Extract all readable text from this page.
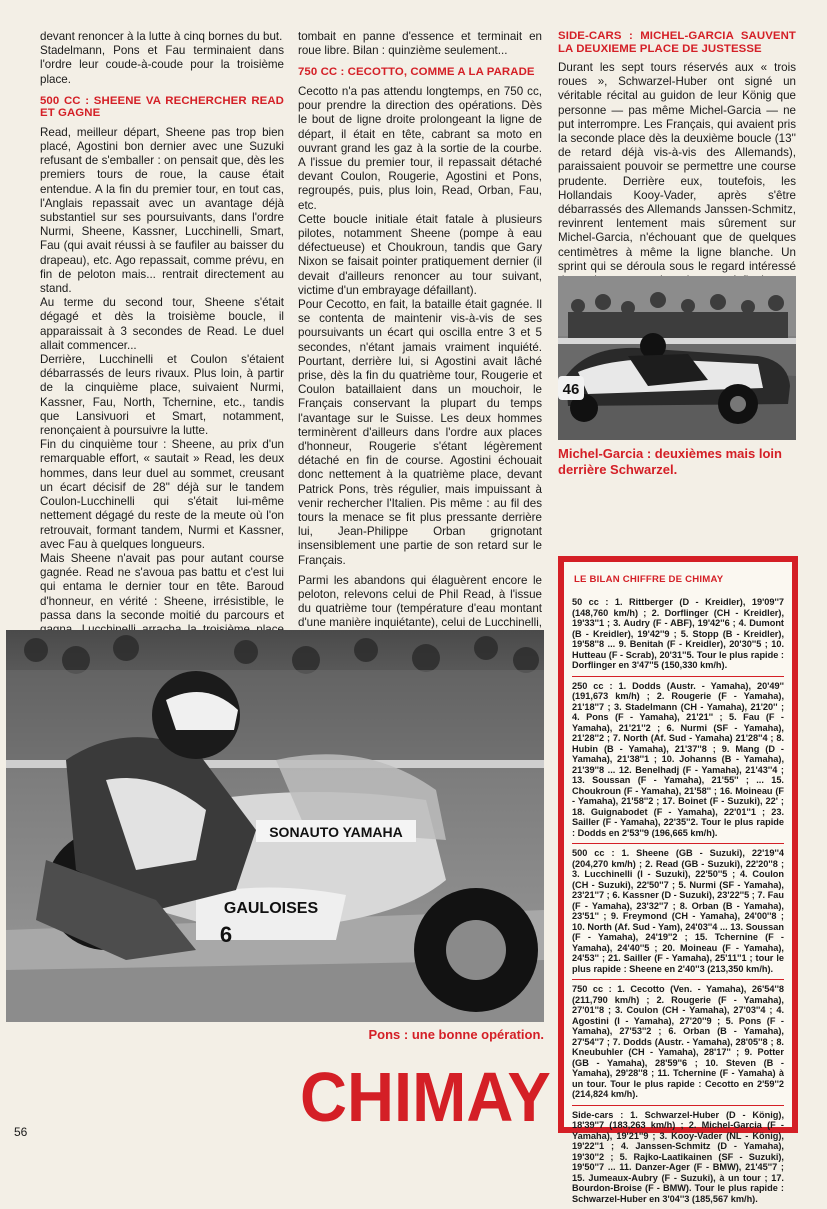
devant renoncer à la lutte à cinq bornes du but.

Stadelmann, Pons et Fau terminaient dans l'ordre leur coude-à-coude pour la troisième place.

500 CC : SHEENE VA RECHERCHER READ ET GAGNE

Read, meilleur départ, Sheene pas trop bien placé, Agostini bon dernier avec une Suzuki refusant de s'emballer : on pensait que, dès les premiers tours de roue, la cause était entendue. A la fin du premier tour, en tout cas, l'Anglais repassait avec un avantage déjà substantiel sur ses poursuivants, dans l'ordre Nurmi, Sheene, Kassner, Lucchinelli, Smart, Fau (qui avait réussi à se faufiler au baisser du drapeau), etc. Ago repassait, comme prévu, en fin de peloton mais... rentrait directement au stand.

Au terme du second tour, Sheene s'était dégagé et dès la troisième boucle, il apparaissait à 3 secondes de Read. Le duel allait commencer...

Derrière, Lucchinelli et Coulon s'étaient débarrassés de leurs rivaux. Plus loin, à partir de la cinquième place, suivaient Nurmi, Kassner, Fau, North, Tchernine, etc., tandis que Lansivuori et Smart, notamment, renonçaient à poursuivre la lutte.

Fin du cinquième tour : Sheene, au prix d'un remarquable effort, « sautait » Read, les deux hommes, dans leur duel au sommet, creusant un écart décisif de 28'' déjà sur le tandem Coulon-Lucchinelli qui s'était lui-même nettement dégagé du reste de la meute où l'on retrouvait, formant tandem, Nurmi et Kassner, avec Fau à quelques longueurs.

Mais Sheene n'avait pas pour autant course gagnée. Read ne s'avoua pas battu et c'est lui qui entama le dernier tour en tête. Baroud d'honneur, en vérité : Sheene, irrésistible, le passa dans la seconde moitié du parcours et

tombait en panne d'essence et terminait en roue libre. Bilan : quinzième seulement...

750 CC : CECOTTO, COMME A LA PARADE

Cecotto n'a pas attendu longtemps, en 750 cc, pour prendre la direction des opérations. Dès le bout de ligne droite prolongeant la ligne de départ, il était en tête, cabrant sa moto en ouvrant grand les gaz à la sortie de la courbe. A l'issue du premier tour, il repassait détaché devant Coulon, Rougerie, Agostini et Pons, regroupés, puis, plus loin, Read, Orban, Fau, etc.

Cette boucle initiale était fatale à plusieurs pilotes, notamment Sheene (pompe à eau défectueuse) et Choukroun, tandis que Gary Nixon se faisait pointer pratiquement dernier (il devait d'ailleurs renoncer au tour suivant, victime d'un embrayage défaillant).

Pour Cecotto, en fait, la bataille était gagnée. Il se contenta de maintenir vis-à-vis de ses poursuivants un écart qui oscilla entre 3 et 5 secondes, n'étant jamais vraiment inquiété. Pourtant, derrière lui, si Agostini avait lâché prise, dès la fin du quatrième tour, Rougerie et Coulon bataillaient dans un mouchoir, le Français conservant la plupart du temps l'avantage sur le Suisse. Les deux hommes terminèrent d'ailleurs dans l'ordre aux places d'honneur, Rougerie s'étant légèrement détaché en fin de course. Agostini échouait donc nettement à la quatrième place, devant Patrick Pons, très régulier, mais impuissant à venir rechercher l'Italien. Pis même : au fil des tours la menace se fit plus pressante derrière lui, Jean-Philippe Orban grignotant insensiblement une partie de son retard sur le Français.

Parmi les abandons qui élaguèrent encore le peloton, relevons celui de Phil Read, à l'issue du quatrième tour (température d'eau montant d'une manière inquiétante), celui de Lucchinelli,

SIDE-CARS : MICHEL-GARCIA SAUVENT LA DEUXIEME PLACE DE JUSTESSE

Durant les sept tours réservés aux « trois roues », Schwarzel-Huber ont signé un véritable récital au guidon de leur König que personne — pas même Michel-Garcia — ne put interrompre. Les Français, qui avaient pris la seconde place dès la deuxième boucle (13'' de retard déjà vis-à-vis des Allemands), paraissaient pouvoir se permettre une course prudente. Derrière eux, toutefois, les Hollandais Kooy-Vader, après s'être débarrassés des Allemands Janssen-Schmitz, revinrent lentement mais sûrement sur Michel-Garcia, n'échouant que de quelques centimètres à même la ligne blanche. Un sprint qui se déroula sous le regard intéressé

46
Michel-Garcia : deuxièmes mais loin derrière Schwarzel.
SONAUTO YAMAHA
GAULOISES
6
Pons : une bonne opération.
CHIMAY
56
LE BILAN CHIFFRE DE CHIMAY
50 cc : 1. Rittberger (D - Kreidler), 19'09''7 (148,760 km/h) ; 2. Dorflinger (CH - Kreidler), 19'33''1 ; 3. Audry (F - ABF), 19'42''6 ; 4. Dumont (B - Kreidler), 19'42''9 ; 5. Stopp (B - Kreidler), 19'58''8 ... 9. Benitah (F - Kreidler), 20'30''5 ; 10. Hutteau (F - Scrab), 20'31''5. Tour le plus rapide : Dorflinger en 3'47''5 (150,330 km/h).
250 cc : 1. Dodds (Austr. - Yamaha), 20'49'' (191,673 km/h) ; 2. Rougerie (F - Yamaha), 21'18''7 ; 3. Stadelmann (CH - Yamaha), 21'20'' ; 4. Pons (F - Yamaha), 21'21'' ; 5. Fau (F - Yamaha), 21'21''2 ; 6. Nurmi (SF - Yamaha), 21'28''2 ; 7. North (Af. Sud - Yamaha) 21'28''4 ; 8. Hubin (B - Yamaha), 21'37''8 ; 9. Mang (D - Yamaha), 21'38''1 ; 10. Johanns (B - Yamaha), 21'39''8 ... 12. Benelhadj (F - Yamaha), 21'43''4 ; 13. Soussan (F - Yamaha), 21'55'' ; ... 15. Choukroun (F - Yamaha), 21'58'' ; 16. Moineau (F - Yamaha), 21'58''2 ; 17. Boinet (F - Suzuki), 22' ; 18. Guignabodet (F - Yamaha), 22'01''1 ; 23. Sailler (F - Yamaha), 22'35''2. Tour le plus rapide : Dodds en 2'53''9 (196,665 km/h).
500 cc : 1. Sheene (GB - Suzuki), 22'19''4 (204,270 km/h) ; 2. Read (GB - Suzuki), 22'20''8 ; 3. Lucchinelli (I - Suzuki), 22'50''5 ; 4. Coulon (CH - Suzuki), 22'50''7 ; 5. Nurmi (SF - Yamaha), 23'21''7 ; 6. Kassner (D - Suzuki), 23'22''5 ; 7. Fau (F - Yamaha), 23'32''7 ; 8. Orban (B - Yamaha), 23'51'' ; 9. Freymond (CH - Yamaha), 24'00''8 ; 10. North (Af. Sud - Yam), 24'03''4 ... 13. Soussan (F - Yamaha), 24'19''2 ; 15. Tchernine (F - Yamaha), 24'40''5 ; 20. Moineau (F - Yamaha), 24'53'' ; 21. Sailler (F - Yamaha), 25'11''1 ; tour le plus rapide : Sheene en 2'40''3 (213,350 km/h).
750 cc : 1. Cecotto (Ven. - Yamaha), 26'54''8 (211,790 km/h) ; 2. Rougerie (F - Yamaha), 27'01''8 ; 3. Coulon (CH - Yamaha), 27'03''4 ; 4. Agostini (I - Yamaha), 27'20''9 ; 5. Pons (F - Yamaha), 27'53''2 ; 6. Orban (B - Yamaha), 27'54''7 ; 7. Dodds (Austr. - Yamaha), 28'05''8 ; 8. Kneubuhler (CH - Yamaha), 28'17'' ; 9. Potter (GB - Yamaha), 28'59''6 ; 10. Steven (B - Yamaha), 29'28''8 ; 11. Tchernine (F - Yamaha) à un tour. Tour le plus rapide : Cecotto en 2'59''2 (214,824 km/h).
Side-cars : 1. Schwarzel-Huber (D - König), 18'39''7 (183,263 km/h) ; 2. Michel-Garcia (F - Yamaha), 19'21''9 ; 3. Kooy-Vader (NL - König), 19'22''1 ; 4. Janssen-Schmitz (D - Yamaha), 19'30''2 ; 5. Rajko-Laatikainen (SF - Suzuki), 19'50''7 ... 11. Danzer-Ager (F - BMW), 21'45''7 ; 15. Jumeaux-Aubry (F - Suzuki), à un tour ; 17. Bourdon-Broise (F - BMW). Tour le plus rapide : Schwarzel-Huber en 3'04''3 (185,567 km/h).
